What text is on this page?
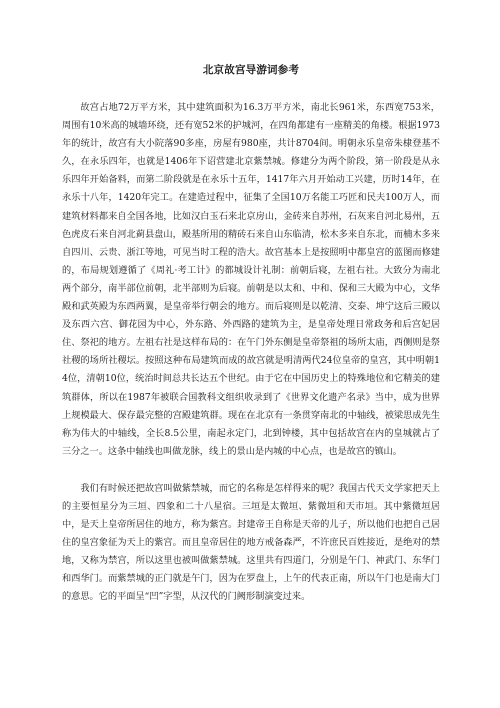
北京故宫导游词参考

故宫占地72万平方米，其中建筑面积为16.3万平方米，南北长961米，东西宽753米，周围有10米高的城墙环绕，还有宽52米的护城河，在四角都建有一座精美的角楼。根据1973年的统计，故宫有大小院落90多座，房屋有980座，共计8704间。明朝永乐皇帝朱棣登基不久，在永乐四年，也就是1406年下诏营建北京紫禁城。修建分为两个阶段，第一阶段是从永乐四年开始备料，而第二阶段就是在永乐十五年，1417年六月开始动工兴建，历时14年，在永乐十八年，1420年完工。在建造过程中，征集了全国10万名能工巧匠和民夫100万人，而建筑材料都来自全国各地，比如汉白玉石来北京房山，金砖来自苏州，石灰来自河北易州，五色虎皮石来自河北蓟县盘山，殿基所用的精砖石来自山东临清，松木多来自东北，而楠木多来自四川、云贵、浙江等地，可见当时工程的浩大。故宫基本上是按照明中都皇宫的蓝图而修建的，布局规划遵循了《周礼·考工计》的都城设计礼制：前朝后寝，左祖右社。大致分为南北两个部分，南半部位前朝，北半部则为后寝。前朝是以太和、中和、保和三大殿为中心，文华殿和武英殿为东西两翼，是皇帝举行朝会的地方。而后寝则是以乾清、交泰、坤宁这后三殿以及东西六宫、御花园为中心，外东路、外西路的建筑为主，是皇帝处理日常政务和后宫妃居住、祭祀的地方。左祖右社是这样布局的：在午门外东侧是皇帝祭祖的场所太庙，西侧则是祭社稷的场所社稷坛。按照这种布局建筑而成的故宫就是明清两代24位皇帝的皇宫，其中明朝14位，清朝10位，统治时间总共长达五个世纪。由于它在中国历史上的特殊地位和它精美的建筑群体，所以在1987年被联合国教科文组织收录到了《世界文化遗产名录》当中，成为世界上规模最大、保存最完整的宫殿建筑群。现在在北京有一条贯穿南北的中轴线，被梁思成先生称为伟大的中轴线，全长8.5公里，南起永定门，北到钟楼，其中包括故宫在内的皇城就占了三分之一。这条中轴线也叫做龙脉，线上的景山是内城的中心点，也是故宫的镇山。

我们有时候还把故宫叫做紫禁城，而它的名称是怎样得来的呢？我国古代天文学家把天上的主要恒星分为三垣、四象和二十八星宿。三垣是太微垣、紫微垣和天市垣。其中紫微垣居中，是天上皇帝所居住的地方，称为紫宫。封建帝王自称是天帝的儿子，所以他们也把自己居住的皇宫象征为天上的紫宫。而且皇帝居住的地方戒备森严，不许庶民百姓接近，是绝对的禁地，又称为禁宫，所以这里也被叫做紫禁城。这里共有四道门，分别是午门、神武门、东华门和西华门。而紫禁城的正门就是午门，因为在罗盘上，上午的代表正南，所以午门也是南大门的意思。它的平面呈“凹”字型，从汉代的门阙形制演变过来。
